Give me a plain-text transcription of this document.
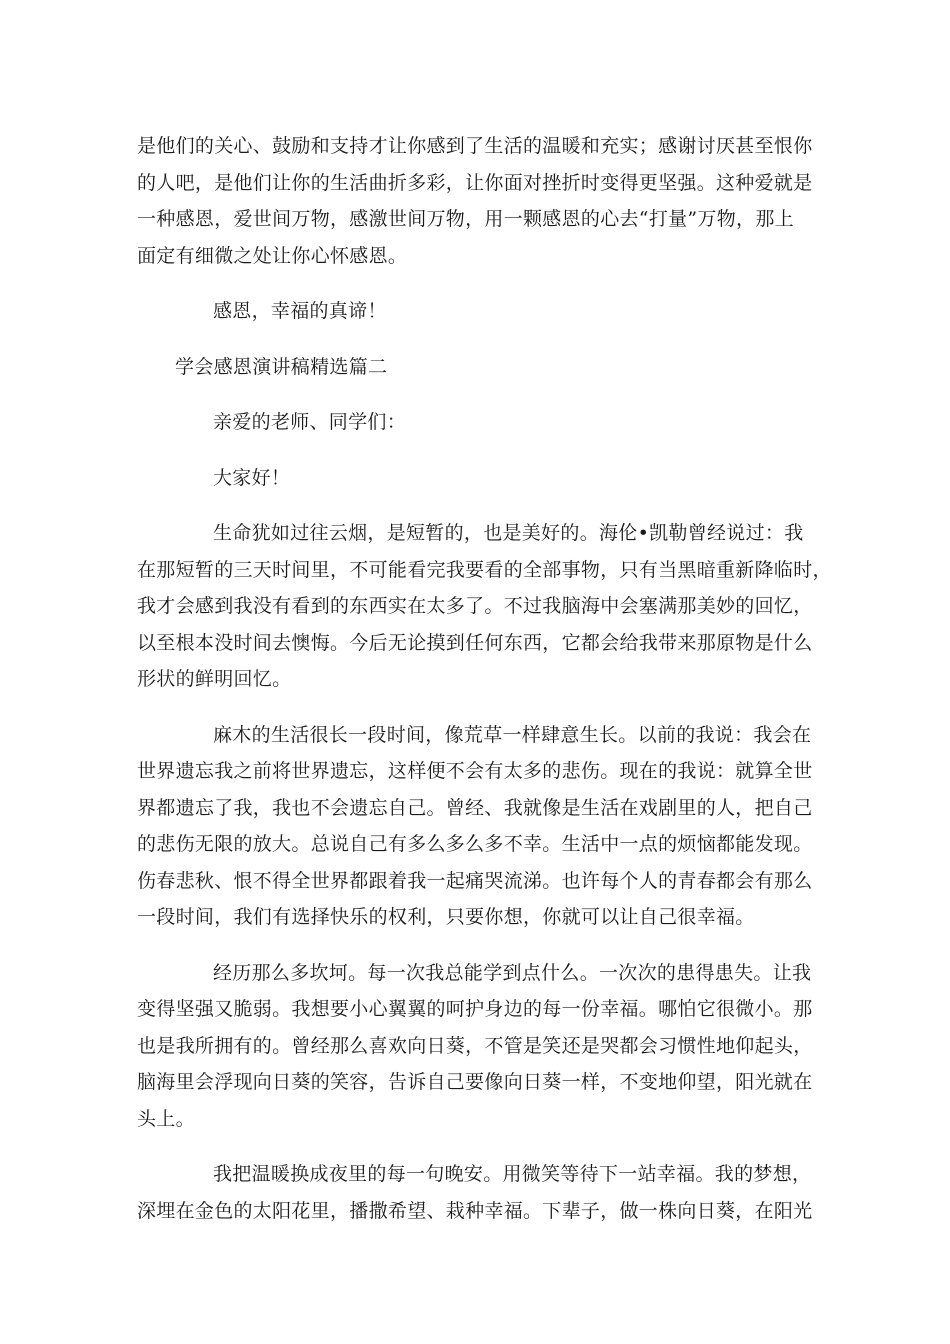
是他们的关心、鼓励和支持才让你感到了生活的温暖和充实；感谢讨厌甚至恨你
的人吧，是他们让你的生活曲折多彩，让你面对挫折时变得更坚强。这种爱就是
一种感恩，爱世间万物，感激世间万物，用一颗感恩的心去“打量”万物，那上
面定有细微之处让你心怀感恩。
感恩，幸福的真谛！
学会感恩演讲稿精选篇二
亲爱的老师、同学们：
大家好！
生命犹如过往云烟，是短暂的，也是美好的。海伦•凯勒曾经说过：我
在那短暂的三天时间里，不可能看完我要看的全部事物，只有当黑暗重新降临时，
我才会感到我没有看到的东西实在太多了。不过我脑海中会塞满那美妙的回忆，
以至根本没时间去懊悔。今后无论摸到任何东西，它都会给我带来那原物是什么
形状的鲜明回忆。
麻木的生活很长一段时间，像荒草一样肆意生长。以前的我说：我会在
世界遗忘我之前将世界遗忘，这样便不会有太多的悲伤。现在的我说：就算全世
界都遗忘了我，我也不会遗忘自己。曾经、我就像是生活在戏剧里的人，把自己
的悲伤无限的放大。总说自己有多么多么多不幸。生活中一点的烦恼都能发现。
伤春悲秋、恨不得全世界都跟着我一起痛哭流涕。也许每个人的青春都会有那么
一段时间，我们有选择快乐的权利，只要你想，你就可以让自己很幸福。
经历那么多坎坷。每一次我总能学到点什么。一次次的患得患失。让我
变得坚强又脆弱。我想要小心翼翼的呵护身边的每一份幸福。哪怕它很微小。那
也是我所拥有的。曾经那么喜欢向日葵，不管是笑还是哭都会习惯性地仰起头，
脑海里会浮现向日葵的笑容，告诉自己要像向日葵一样，不变地仰望，阳光就在
头上。
我把温暖换成夜里的每一句晚安。用微笑等待下一站幸福。我的梦想，
深埋在金色的太阳花里，播撒希望、栽种幸福。下辈子，做一株向日葵，在阳光
